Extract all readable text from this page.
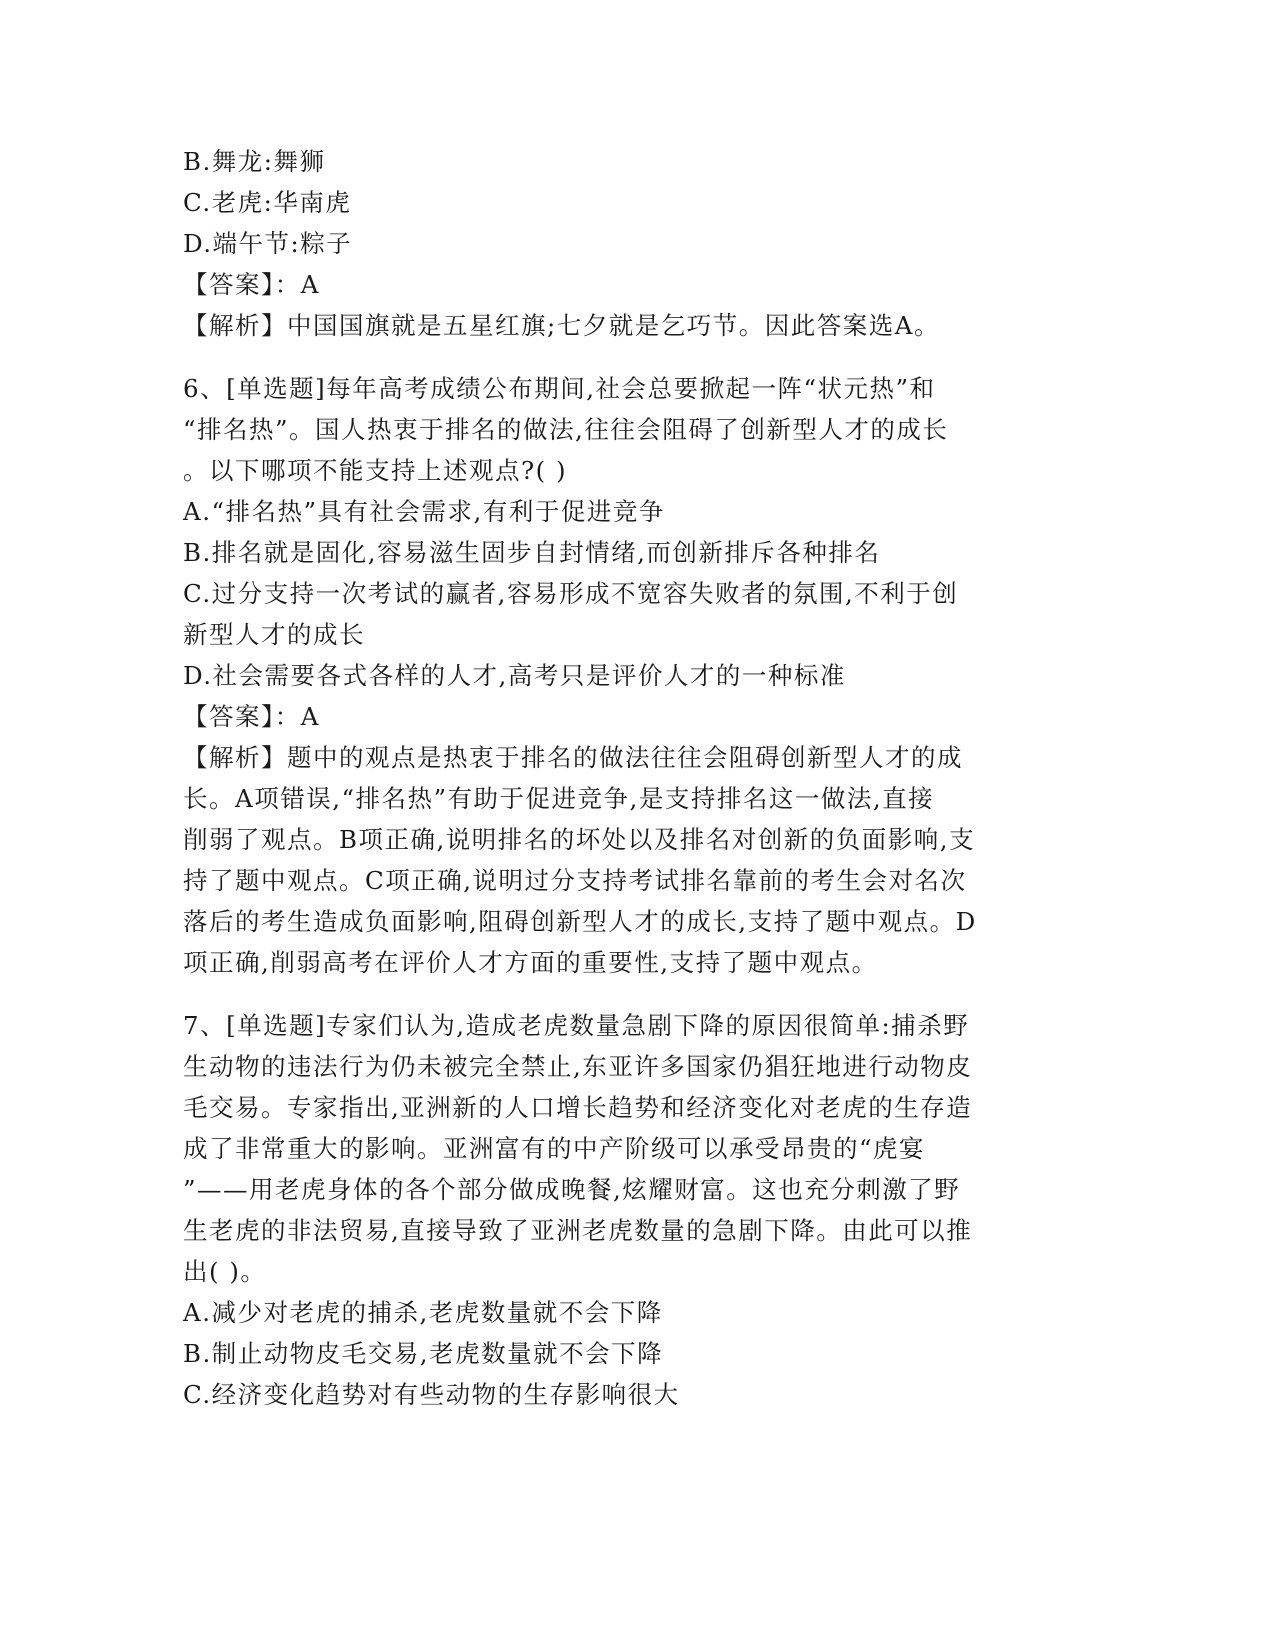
B.舞龙:舞狮
C.老虎:华南虎
D.端午节:粽子
【答案】：A
【解析】中国国旗就是五星红旗;七夕就是乞巧节。因此答案选A。
6、[单选题]每年高考成绩公布期间,社会总要掀起一阵“状元热”和
“排名热”。国人热衷于排名的做法,往往会阻碍了创新型人才的成长
。以下哪项不能支持上述观点?( )
A.“排名热”具有社会需求,有利于促进竞争
B.排名就是固化,容易滋生固步自封情绪,而创新排斥各种排名
C.过分支持一次考试的赢者,容易形成不宽容失败者的氛围,不利于创
新型人才的成长
D.社会需要各式各样的人才,高考只是评价人才的一种标准
【答案】：A
【解析】题中的观点是热衷于排名的做法往往会阻碍创新型人才的成
长。A项错误,“排名热”有助于促进竞争,是支持排名这一做法,直接
削弱了观点。B项正确,说明排名的坏处以及排名对创新的负面影响,支
持了题中观点。C项正确,说明过分支持考试排名靠前的考生会对名次
落后的考生造成负面影响,阻碍创新型人才的成长,支持了题中观点。D
项正确,削弱高考在评价人才方面的重要性,支持了题中观点。
7、[单选题]专家们认为,造成老虎数量急剧下降的原因很简单:捕杀野
生动物的违法行为仍未被完全禁止,东亚许多国家仍猖狂地进行动物皮
毛交易。专家指出,亚洲新的人口增长趋势和经济变化对老虎的生存造
成了非常重大的影响。亚洲富有的中产阶级可以承受昂贵的“虎宴
”——用老虎身体的各个部分做成晚餐,炫耀财富。这也充分刺激了野
生老虎的非法贸易,直接导致了亚洲老虎数量的急剧下降。由此可以推
出( )。
A.减少对老虎的捕杀,老虎数量就不会下降
B.制止动物皮毛交易,老虎数量就不会下降
C.经济变化趋势对有些动物的生存影响很大
